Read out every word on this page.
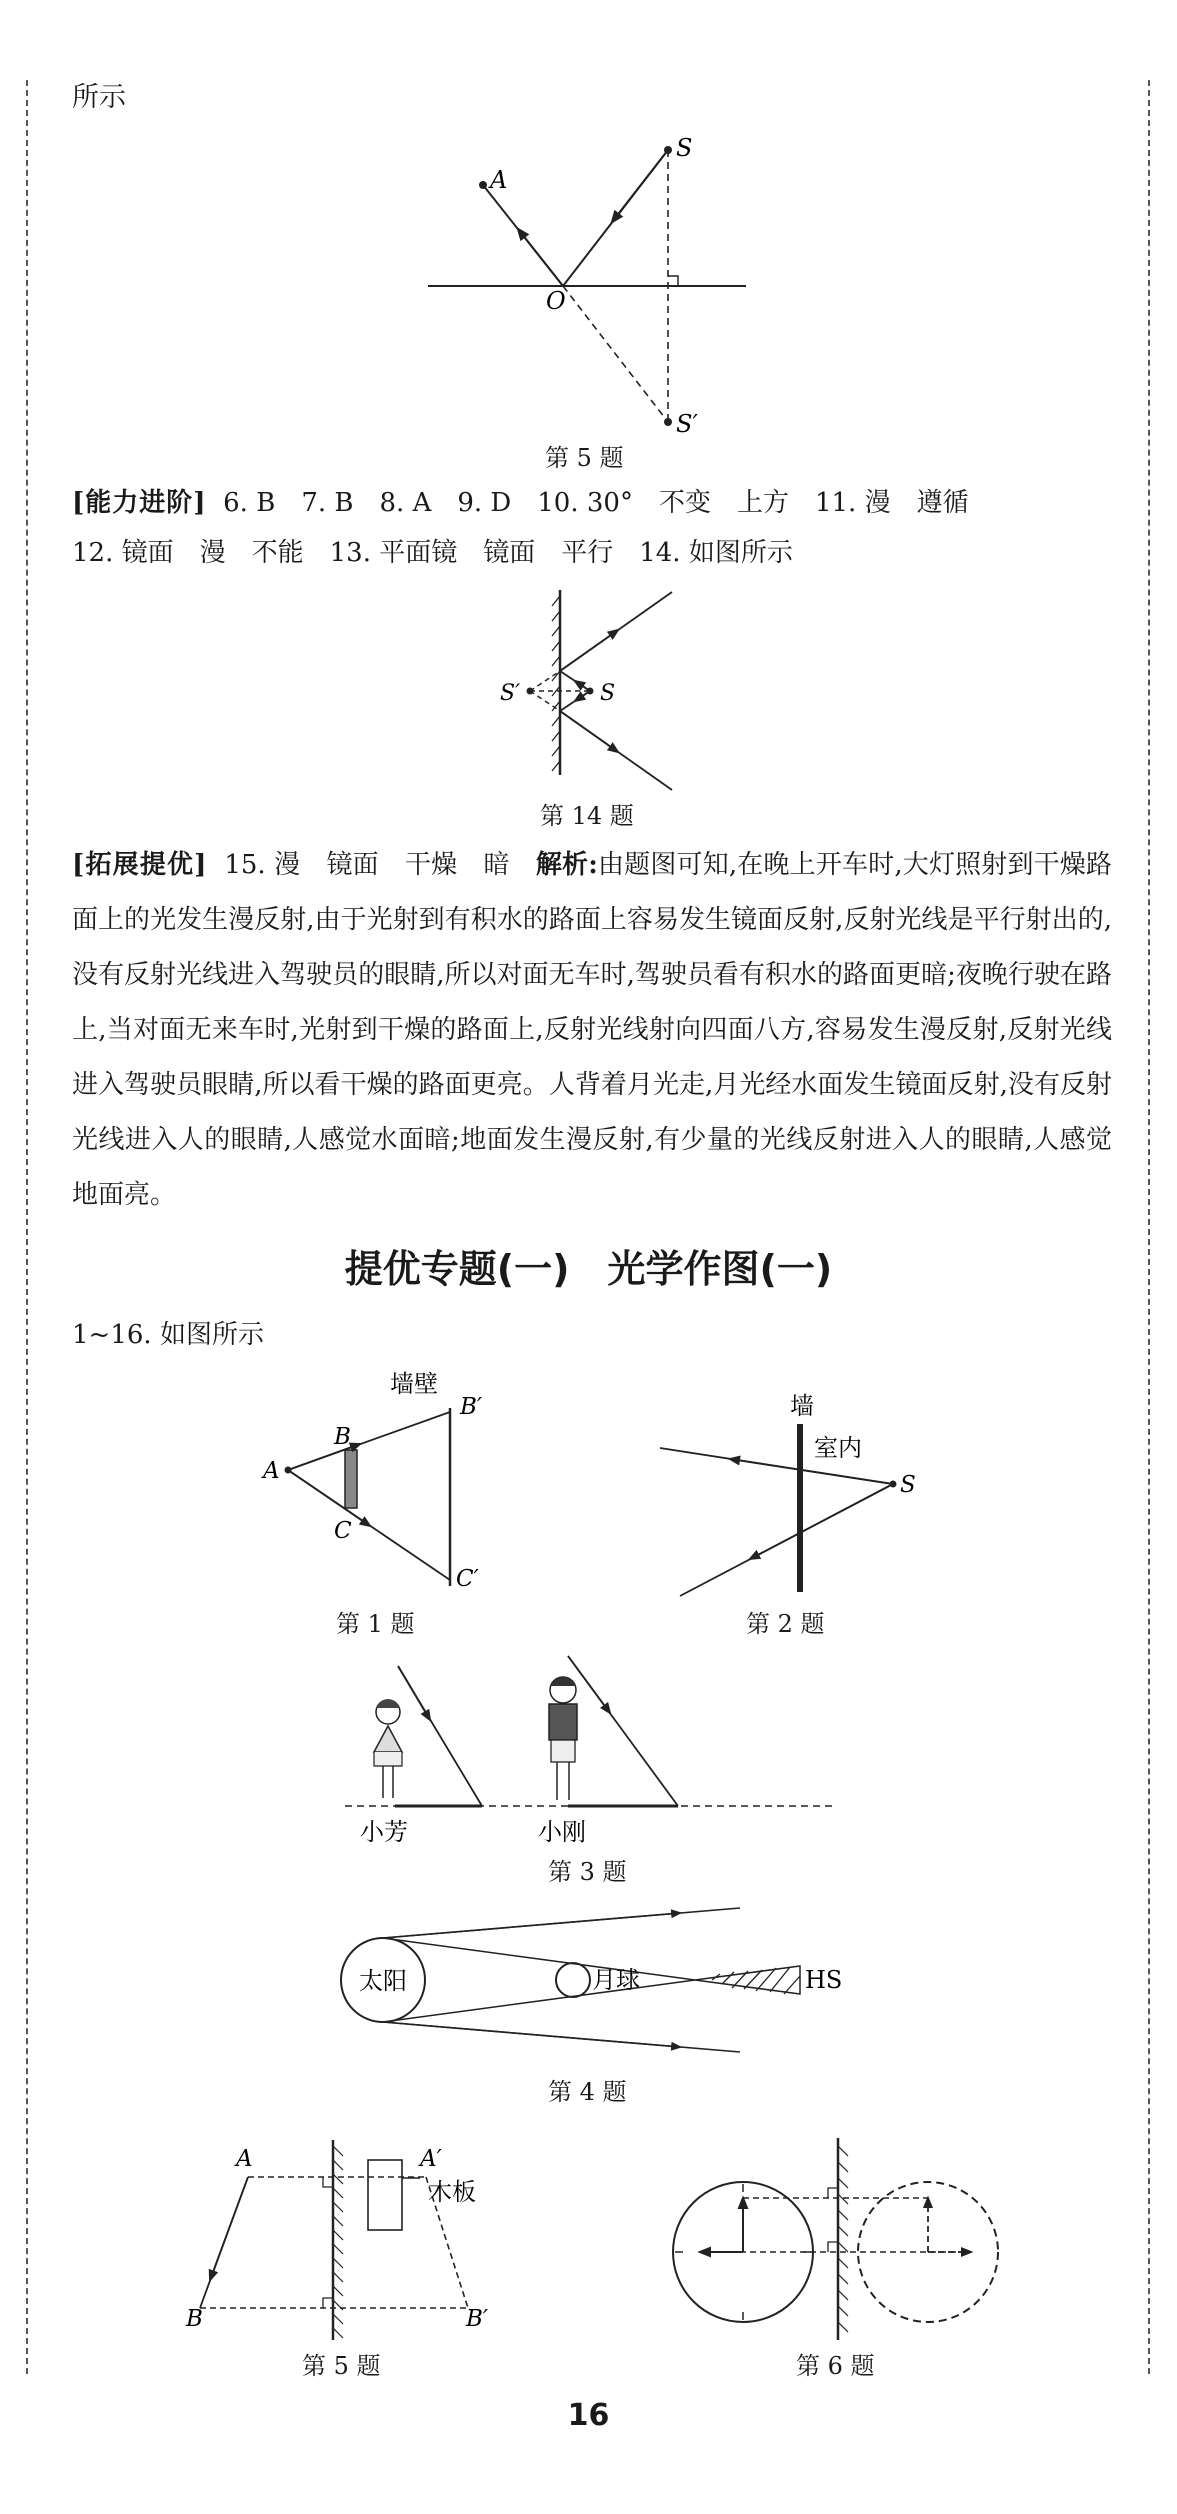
所示
A
S
O
S′
第 5 题
[能力进阶] 6. B　7. B　8. A　9. D　10. 30°　不变　上方　11. 漫　遵循
12. 镜面　漫　不能　13. 平面镜　镜面　平行　14. 如图所示
S′	S
第 14 题
[拓展提优] 15. 漫　镜面　干燥　暗　 解析:由题图可知,在晚上开车时,大灯照射到干燥路面上的光发生漫反射,由于光射到有积水的路面上容易发生镜面反射,反射光线是平行射出的,没有反射光线进入驾驶员的眼睛,所以对面无车时,驾驶员看有积水的路面更暗;夜晚行驶在路上,当对面无来车时,光射到干燥的路面上,反射光线射向四面八方,容易发生漫反射,反射光线进入驾驶员眼睛,所以看干燥的路面更亮。人背着月光走,月光经水面发生镜面反射,没有反射光线进入人的眼睛,人感觉水面暗;地面发生漫反射,有少量的光线反射进入人的眼睛,人感觉地面亮。
提优专题(一)　光学作图(一)
1~16. 如图所示
墙壁
A
B
C
B′
C′
第 1 题
墙
室内
S
第 2 题
小芳	小刚
第 3 题
太阳	月球	HS
第 4 题
A	A′
B	B′
木板
第 5 题	第 6 题
16
